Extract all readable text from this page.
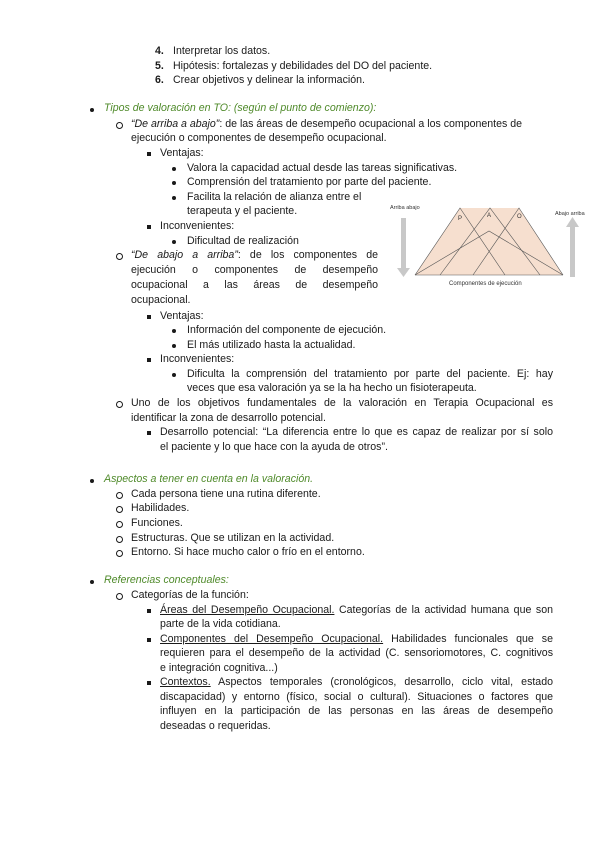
4. Interpretar los datos.
5. Hipótesis: fortalezas y debilidades del DO del paciente.
6. Crear objetivos y delinear la información.
Tipos de valoración en TO: (según el punto de comienzo):
“De arriba a abajo”: de las áreas de desempeño ocupacional a los componentes de
ejecución o componentes de desempeño ocupacional.
Ventajas:
Valora la capacidad actual desde las tareas significativas.
Comprensión del tratamiento por parte del paciente.
Facilita la relación de alianza entre el
terapeuta y el paciente.
Inconvenientes:
Dificultad de realización
“De abajo a arriba”: de los componentes de
ejecución o componentes de desempeño
ocupacional a las áreas de desempeño
ocupacional.
Ventajas:
Información del componente de ejecución.
El más utilizado hasta la actualidad.
Inconvenientes:
Dificulta la comprensión del tratamiento por parte del paciente. Ej: hay
veces que esa valoración ya se la ha hecho un fisioterapeuta.
Uno de los objetivos fundamentales de la valoración en Terapia Ocupacional es
identificar la zona de desarrollo potencial.
Desarrollo potencial: “La diferencia entre lo que es capaz de realizar por sí solo
el paciente y lo que hace con la ayuda de otros”.
Arriba abajo
Abajo arriba
P	A	O
Componentes de ejecución
Aspectos a tener en cuenta en la valoración.
Cada persona tiene una rutina diferente.
Habilidades.
Funciones.
Estructuras. Que se utilizan en la actividad.
Entorno. Si hace mucho calor o frío en el entorno.
Referencias conceptuales:
Categorías de la función:
Áreas del Desempeño Ocupacional. Categorías de la actividad humana que son
parte de la vida cotidiana.
Componentes del Desempeño Ocupacional. Habilidades funcionales que se
requieren para el desempeño de la actividad (C. sensoriomotores, C. cognitivos
e integración cognitiva...)
Contextos. Aspectos temporales (cronológicos, desarrollo, ciclo vital, estado
discapacidad) y entorno (físico, social o cultural). Situaciones o factores que
influyen en la participación de las personas en las áreas de desempeño
deseadas o requeridas.
